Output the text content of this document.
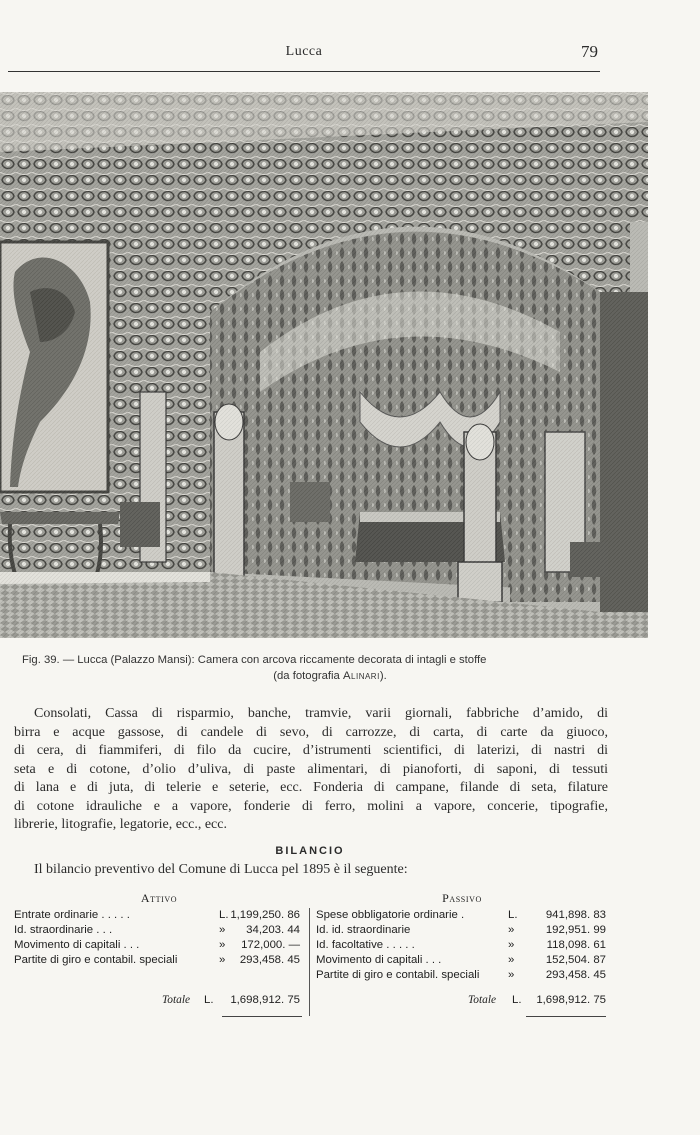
Lucca	79
Fig. 39. — Lucca (Palazzo Mansi): Camera con arcova riccamente decorata di intagli e stoffe
(da fotografia Alinari).
Consolati, Cassa di risparmio, banche, tramvie, varii giornali, fabbriche d’amido, di
birra e acque gassose, di candele di sevo, di carrozze, di carta, di carte da giuoco,
di cera, di fiammiferi, di filo da cucire, d’istrumenti scientifici, di laterizi, di nastri di
seta e di cotone, d’olio d’uliva, di paste alimentari, di pianoforti, di saponi, di tessuti
di lana e di juta, di telerie e seterie, ecc. Fonderia di campane, filande di seta, filature
di cotone idrauliche e a vapore, fonderie di ferro, molini a vapore, concerie, tipografie,
librerie, litografie, legatorie, ecc., ecc.
BILANCIO
Il bilancio preventivo del Comune di Lucca pel 1895 è il seguente:
Attivo
Entrate ordinarie . . . . .	L. 1,199,250. 86
Id. straordinarie . . .	» 34,203. 44
Movimento di capitali . . .	» 172,000. —
Partite di giro e contabil. speciali	» 293,458. 45
Totale L. 1,698,912. 75
Passivo
Spese obbligatorie ordinarie .	L. 941,898. 83
Id. id. straordinarie	»	192,951. 99
Id. facoltative . . . . .	»	118,098. 61
Movimento di capitali . . .	»	152,504. 87
Partite di giro e contabil. speciali	»	293,458. 45
Totale L. 1,698,912. 75
